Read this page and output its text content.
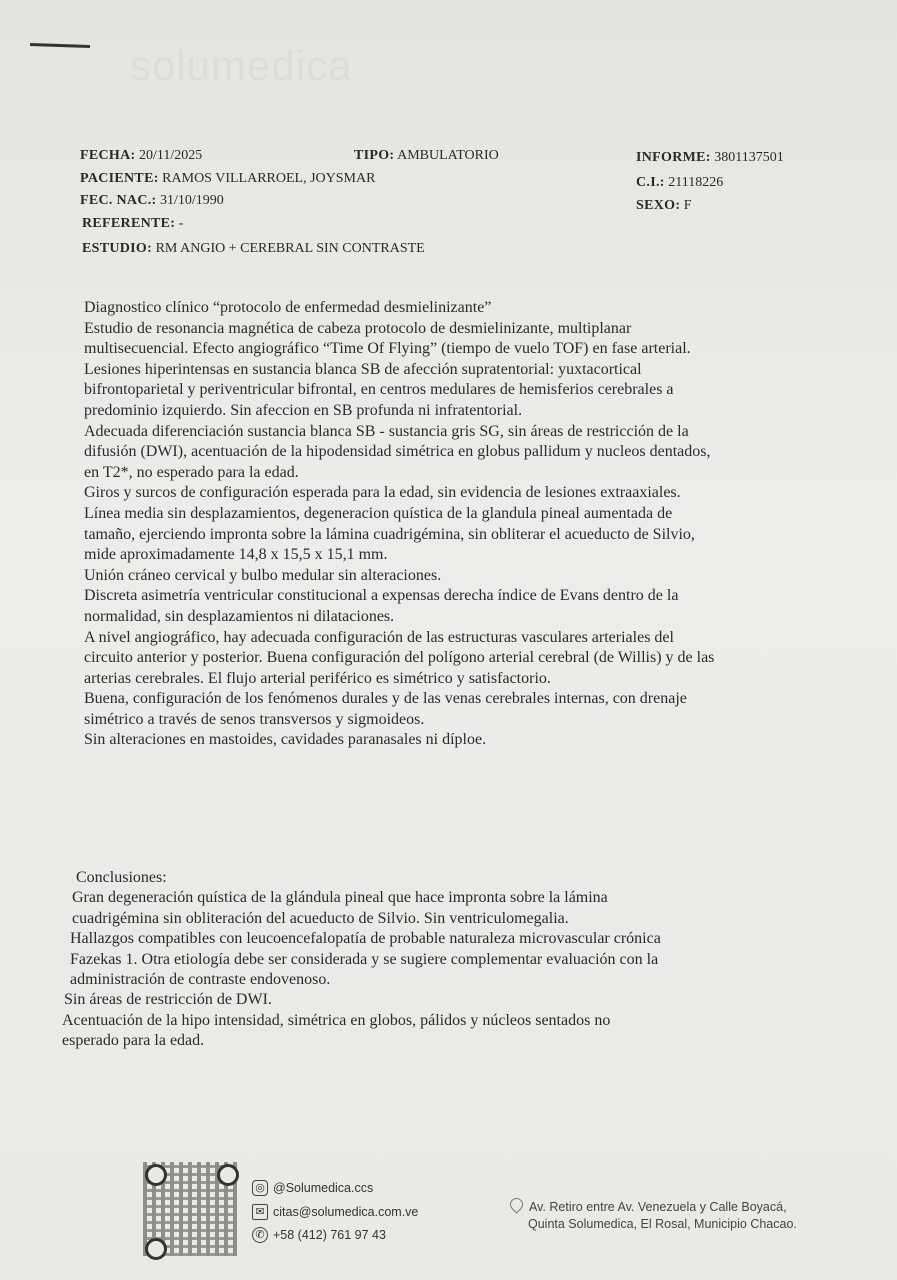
solumedica
FECHA: 20/11/2025	TIPO: AMBULATORIO	INFORME: 3801137501
PACIENTE: RAMOS VILLARROEL, JOYSMAR	C.I.: 21118226
FEC. NAC.: 31/10/1990	SEXO: F
REFERENTE: -
ESTUDIO: RM ANGIO + CEREBRAL SIN CONTRASTE

Diagnostico clínico “protocolo de enfermedad desmielinizante”

Estudio de resonancia magnética de cabeza protocolo de desmielinizante, multiplanar multisecuencial. Efecto angiográfico “Time Of Flying” (tiempo de vuelo TOF) en fase arterial.

Lesiones hiperintensas en sustancia blanca SB de afección supratentorial: yuxtacortical bifrontoparietal y periventricular bifrontal, en centros medulares de hemisferios cerebrales a predominio izquierdo. Sin afeccion en SB profunda ni infratentorial.

Adecuada diferenciación sustancia blanca SB - sustancia gris SG, sin áreas de restricción de la difusión (DWI), acentuación de la hipodensidad simétrica en globus pallidum y nucleos dentados, en T2*, no esperado para la edad.

Giros y surcos de configuración esperada para la edad, sin evidencia de lesiones extraaxiales.

Línea media sin desplazamientos, degeneracion quística de la glandula pineal aumentada de tamaño, ejerciendo impronta sobre la lámina cuadrigémina, sin obliterar el acueducto de Silvio, mide aproximadamente 14,8 x 15,5 x 15,1 mm.

Unión cráneo cervical y bulbo medular sin alteraciones.

Discreta asimetría ventricular constitucional a expensas derecha índice de Evans dentro de la normalidad, sin desplazamientos ni dilataciones.

A nivel angiográfico, hay adecuada configuración de las estructuras vasculares arteriales del circuito anterior y posterior. Buena configuración del polígono arterial cerebral (de Willis) y de las arterias cerebrales. El flujo arterial periférico es simétrico y satisfactorio.

Buena, configuración de los fenómenos durales y de las venas cerebrales internas, con drenaje simétrico a través de senos transversos y sigmoideos.

Sin alteraciones en mastoides, cavidades paranasales ni díploe.

Conclusiones:

Gran degeneración quística de la glándula pineal que hace impronta sobre la lámina cuadrigémina sin obliteración del acueducto de Silvio. Sin ventriculomegalia.

Hallazgos compatibles con leucoencefalopatía de probable naturaleza microvascular crónica Fazekas 1. Otra etiología debe ser considerada y se sugiere complementar evaluación con la administración de contraste endovenoso.

Sin áreas de restricción de DWI.

Acentuación de la hipo intensidad, simétrica en globos, pálidos y núcleos sentados no esperado para la edad.

◎ @Solumedica.ccs
✉ citas@solumedica.com.ve
✆ +58 (412) 761 97 43
Av. Retiro entre Av. Venezuela y Calle Boyacá,
Quinta Solumedica, El Rosal, Municipio Chacao.
